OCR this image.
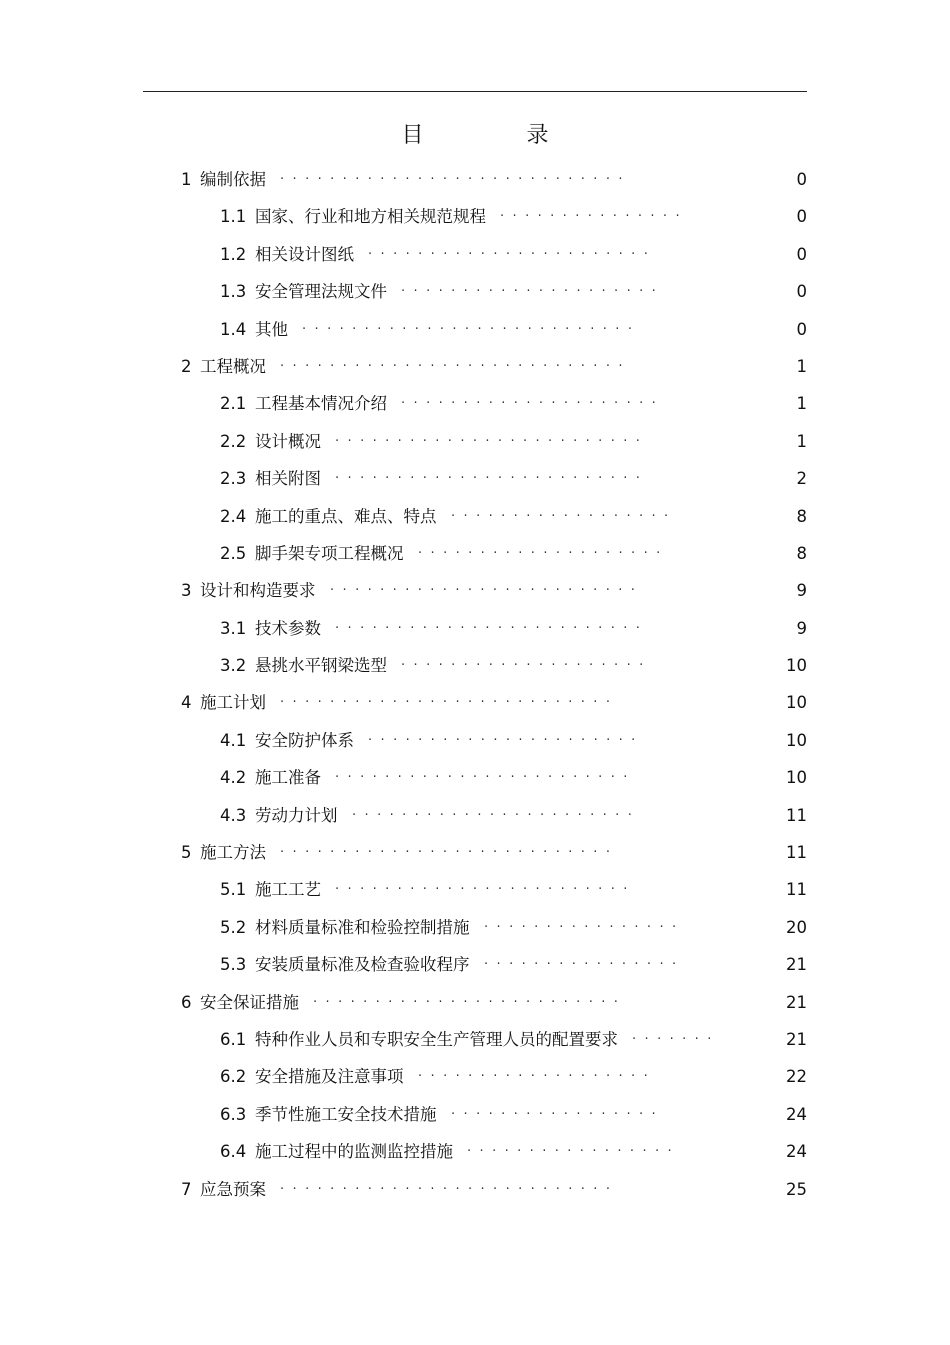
目 录
1 编制依据 ····························	0
1.1 国家、行业和地方相关规范规程 ···············	0
1.2 相关设计图纸 ·······················	0
1.3 安全管理法规文件 ·····················	0
1.4 其他 ···························	0
2 工程概况 ····························	1
2.1 工程基本情况介绍 ·····················	1
2.2 设计概况 ·························	1
2.3 相关附图 ·························	2
2.4 施工的重点、难点、特点 ··················	8
2.5 脚手架专项工程概况 ····················	8
3 设计和构造要求 ·························	9
3.1 技术参数 ·························	9
3.2 悬挑水平钢梁选型 ····················	10
4 施工计划 ···························	10
4.1 安全防护体系 ······················	10
4.2 施工准备 ························	10
4.3 劳动力计划 ·······················	11
5 施工方法 ···························	11
5.1 施工工艺 ························	11
5.2 材料质量标准和检验控制措施 ················	20
5.3 安装质量标准及检查验收程序 ················	21
6 安全保证措施 ·························	21
6.1 特种作业人员和专职安全生产管理人员的配置要求 ·······	21
6.2 安全措施及注意事项 ···················	22
6.3 季节性施工安全技术措施 ·················	24
6.4 施工过程中的监测监控措施 ·················	24
7 应急预案 ···························	25
